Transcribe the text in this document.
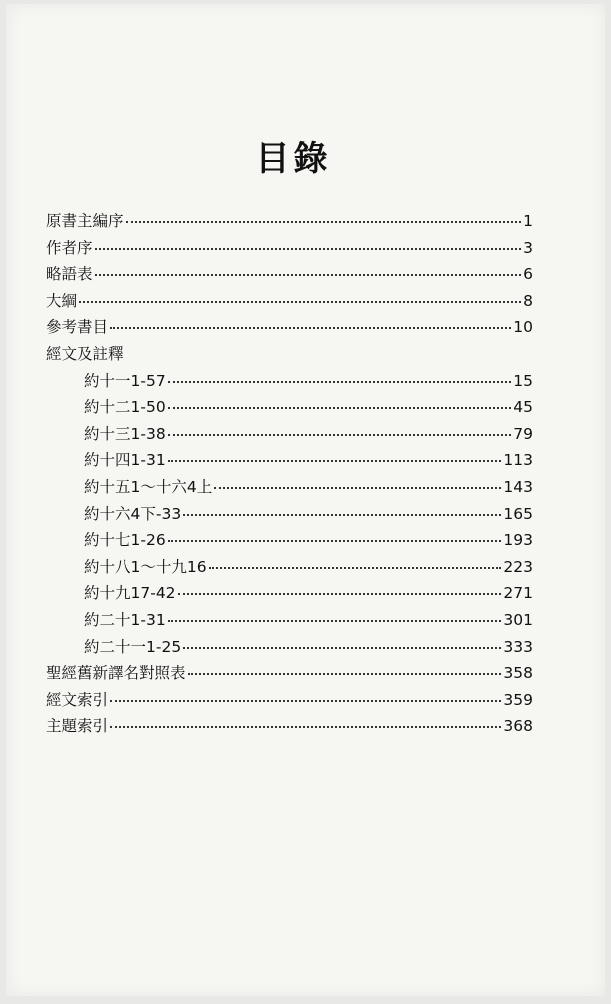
目錄
原書主編序	1
作者序	3
略語表	6
大綱	8
參考書目	10
經文及註釋
約十一1-57	15
約十二1-50	45
約十三1-38	79
約十四1-31	113
約十五1～十六4上	143
約十六4下-33	165
約十七1-26	193
約十八1～十九16	223
約十九17-42	271
約二十1-31	301
約二十一1-25	333
聖經舊新譯名對照表	358
經文索引	359
主題索引	368
